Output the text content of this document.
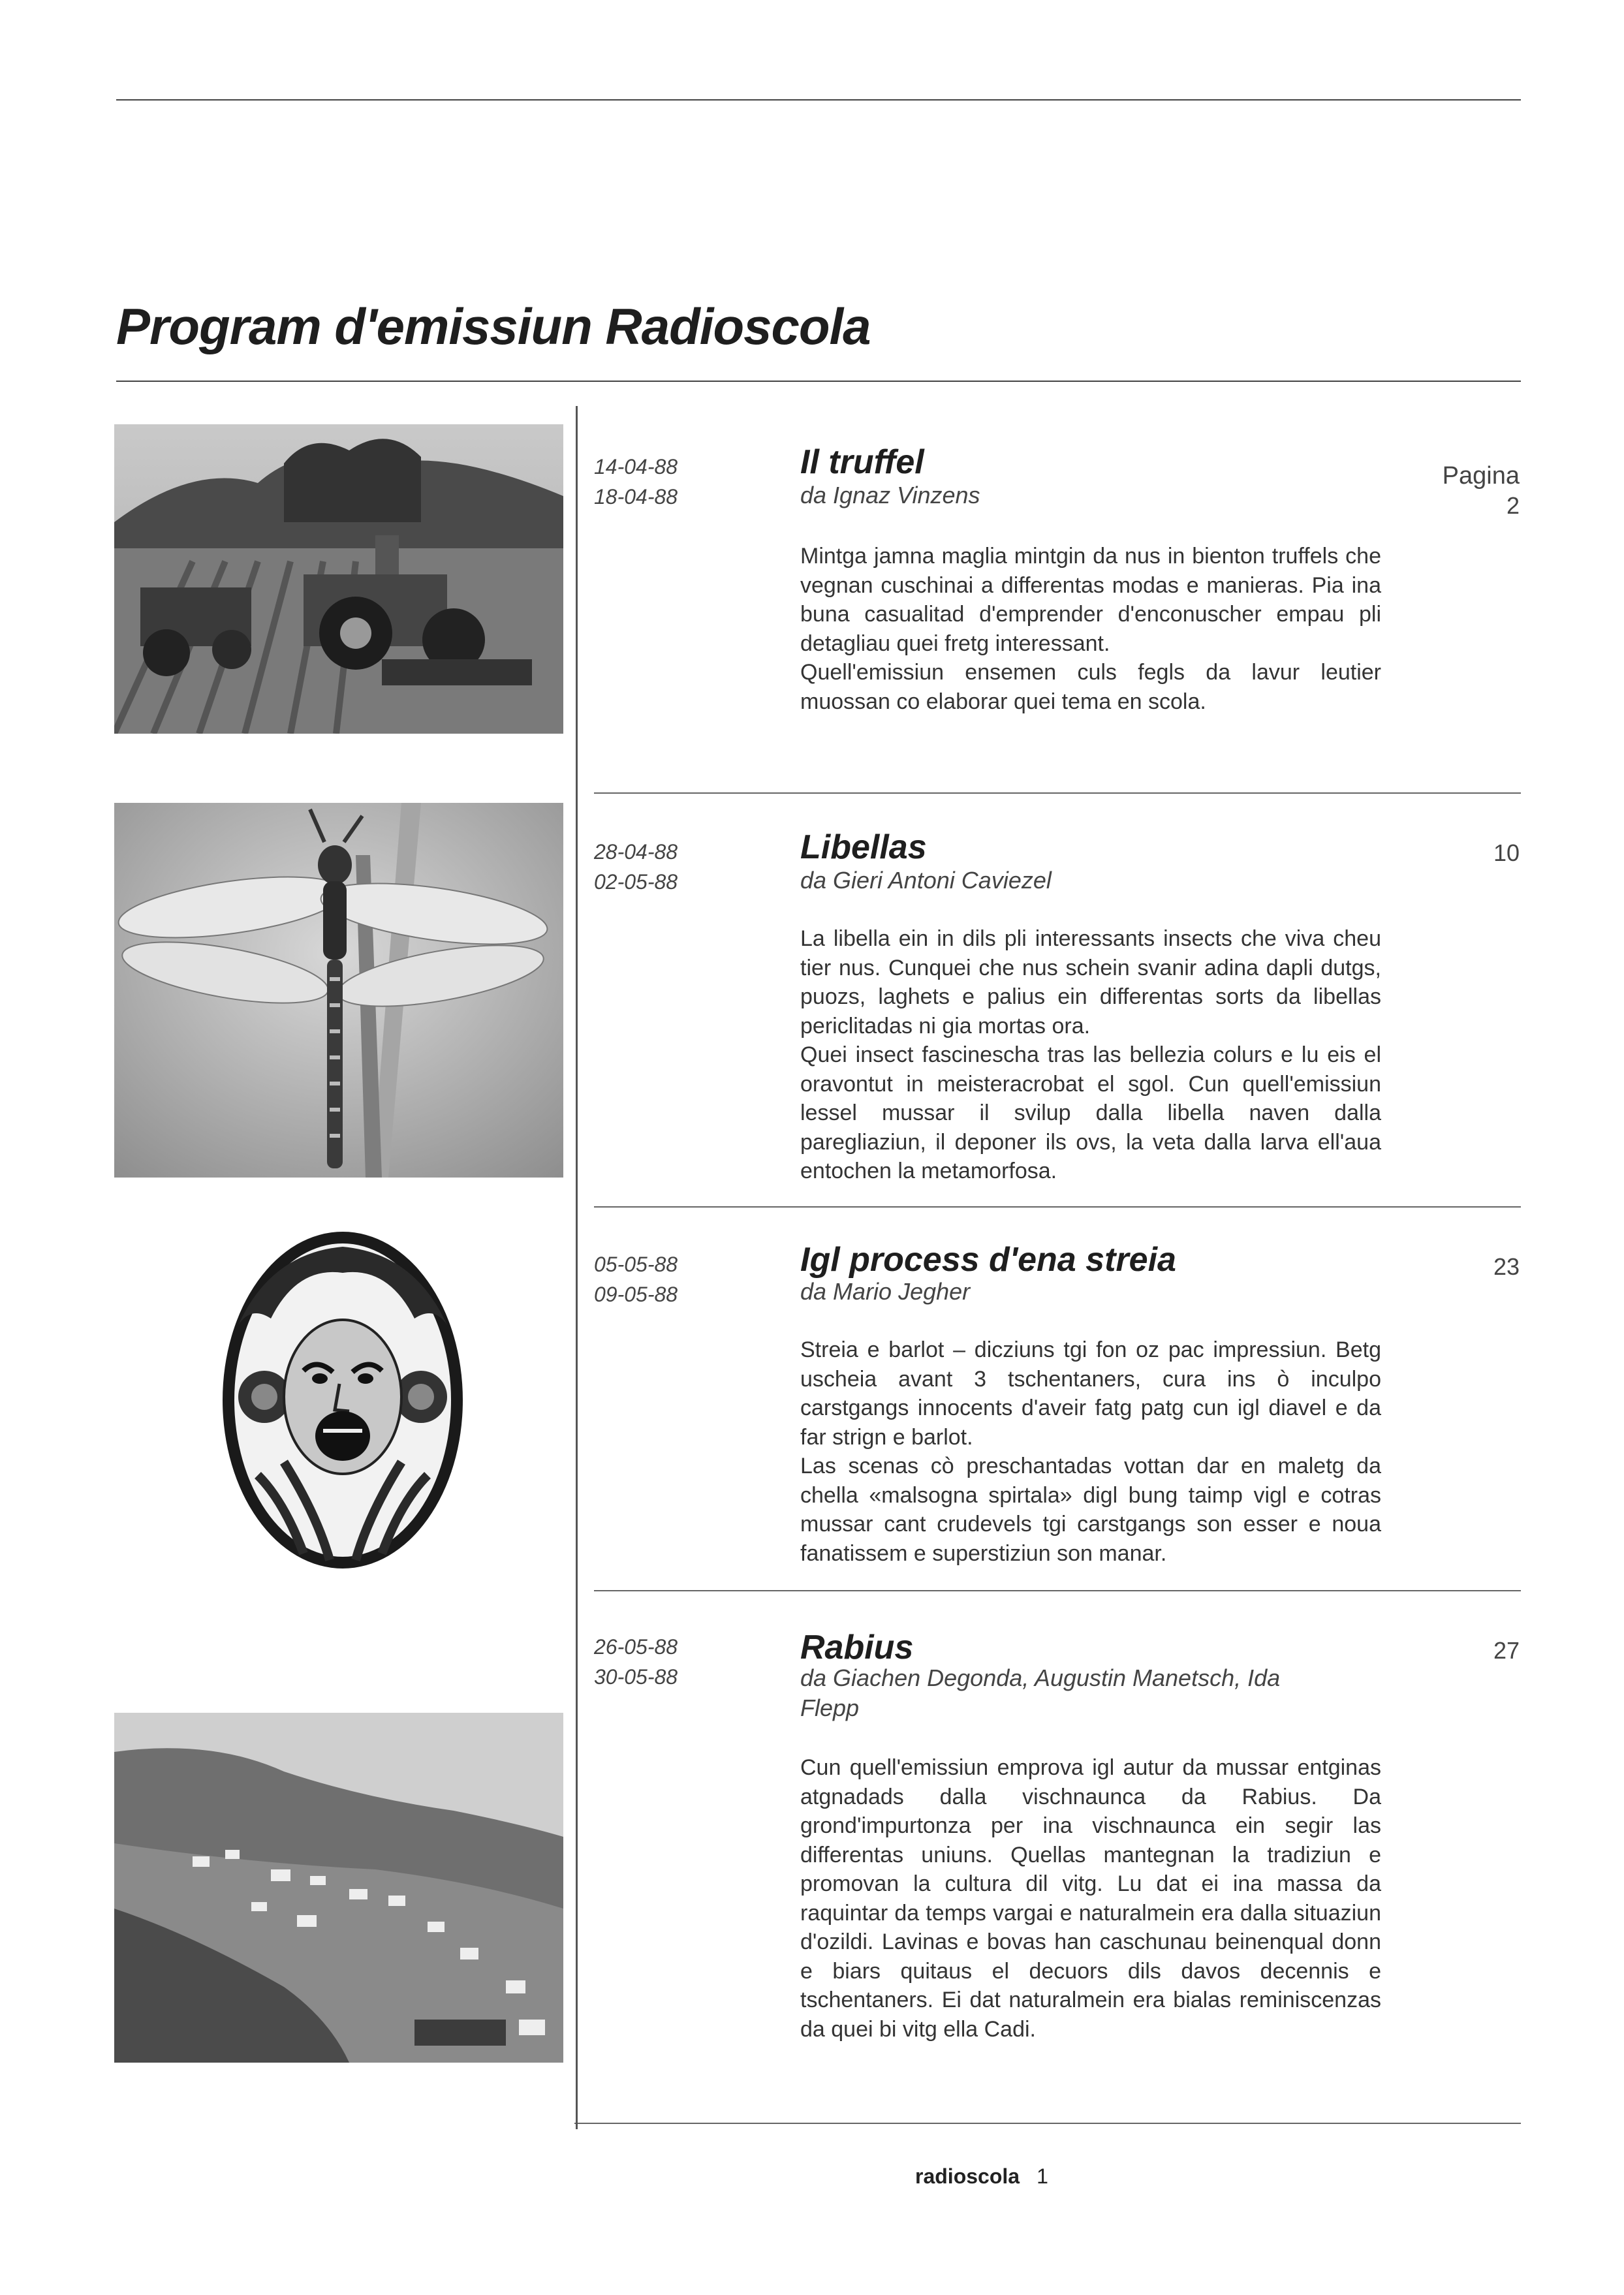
Program d'emissiun Radioscola
Pagina
14-04-88
18-04-88
Il truffel
da Ignaz Vinzens	2

Mintga jamna maglia mintgin da nus in bienton truffels che vegnan cuschinai a differentas modas e manieras. Pia ina buna casualitad d'emprender d'enconuscher empau pli detagliau quei fretg interessant.

Quell'emissiun ensemen culs fegls da lavur leutier muossan co elaborar quei tema en scola.

28-04-88
02-05-88
Libellas
da Gieri Antoni Caviezel
10

La libella ein in dils pli interessants insects che viva cheu tier nus. Cunquei che nus schein svanir adina dapli dutgs, puozs, laghets e palius ein differentas sorts da libellas periclitadas ni gia mortas ora.

Quei insect fascinescha tras las bellezia colurs e lu eis el oravontut in meisteracrobat el sgol. Cun quell'emissiun lessel mussar il svilup dalla libella naven dalla paregliaziun, il deponer ils ovs, la veta dalla larva ell'aua entochen la metamorfosa.

05-05-88
09-05-88
Igl process d'ena streia
da Mario Jegher
23

Streia e barlot – dicziuns tgi fon oz pac impressiun. Betg uscheia avant 3 tschentaners, cura ins ò inculpo carstgangs innocents d'aveir fatg patg cun igl diavel e da far strign e barlot.

Las scenas cò preschantadas vottan dar en maletg da chella «malsogna spirtala» digl bung taimp vigl e cotras mussar cant crudevels tgi carstgangs son esser e noua fanatissem e superstiziun son manar.

26-05-88
30-05-88
Rabius
da Giachen Degonda, Augustin Manetsch, Ida Flepp
27

Cun quell'emissiun emprova igl autur da mussar entginas atgnadads dalla vischnaunca da Rabius. Da grond'impurtonza per ina vischnaunca ein segir las differentas uniuns. Quellas mantegnan la tradiziun e promovan la cultura dil vitg. Lu dat ei ina massa da raquintar da temps vargai e naturalmein era dalla situaziun d'ozildi. Lavinas e bovas han caschunau beinenqual donn e biars quitaus el decuors dils davos decennis e tschentaners. Ei dat naturalmein era bialas reminiscenzas da quei bi vitg ella Cadi.

radioscola 1
